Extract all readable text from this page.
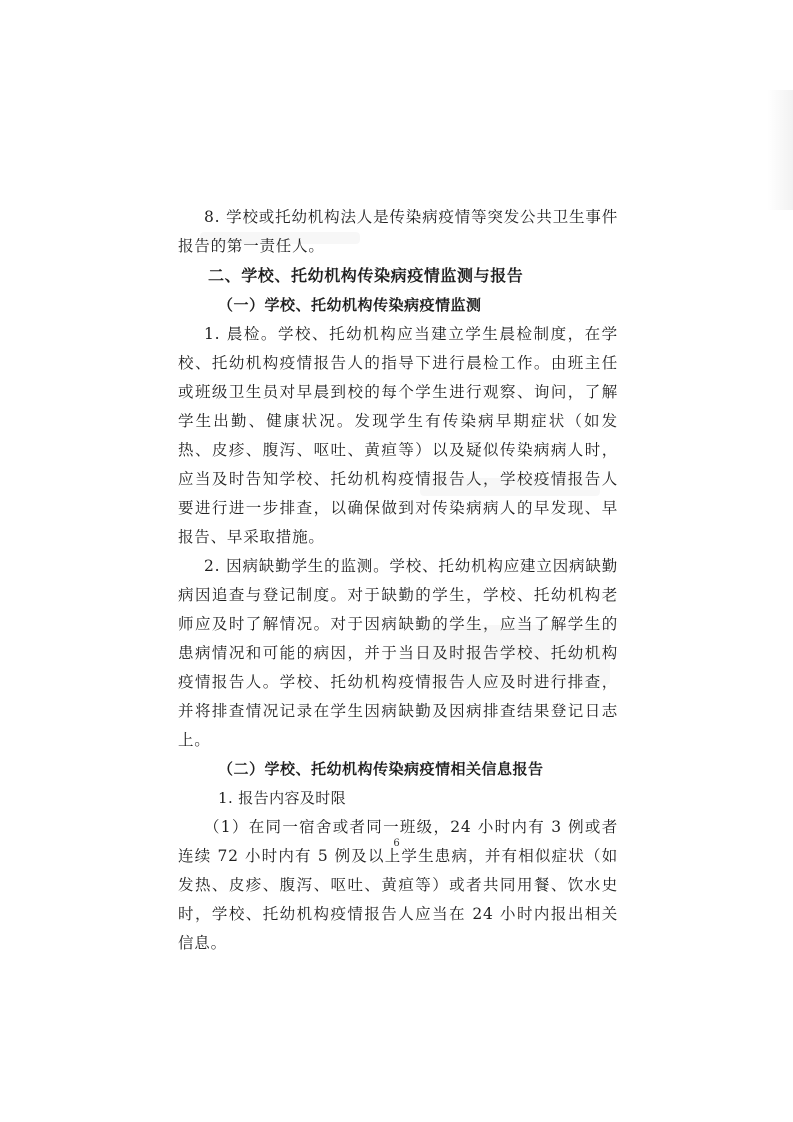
8. 学校或托幼机构法人是传染病疫情等突发公共卫生事件报告的第一责任人。

二、学校、托幼机构传染病疫情监测与报告

（一）学校、托幼机构传染病疫情监测

1. 晨检。学校、托幼机构应当建立学生晨检制度，在学校、托幼机构疫情报告人的指导下进行晨检工作。由班主任或班级卫生员对早晨到校的每个学生进行观察、询问，了解学生出勤、健康状况。发现学生有传染病早期症状（如发热、皮疹、腹泻、呕吐、黄疸等）以及疑似传染病病人时，应当及时告知学校、托幼机构疫情报告人，学校疫情报告人要进行进一步排查，以确保做到对传染病病人的早发现、早报告、早采取措施。

2. 因病缺勤学生的监测。学校、托幼机构应建立因病缺勤病因追查与登记制度。对于缺勤的学生，学校、托幼机构老师应及时了解情况。对于因病缺勤的学生，应当了解学生的患病情况和可能的病因，并于当日及时报告学校、托幼机构疫情报告人。学校、托幼机构疫情报告人应及时进行排查，并将排查情况记录在学生因病缺勤及因病排查结果登记日志上。

（二）学校、托幼机构传染病疫情相关信息报告

1. 报告内容及时限

（1）在同一宿舍或者同一班级，24 小时内有 3 例或者连续 72 小时内有 5 例及以上学生患病，并有相似症状（如发热、皮疹、腹泻、呕吐、黄疸等）或者共同用餐、饮水史时，学校、托幼机构疫情报告人应当在 24 小时内报出相关信息。

6
